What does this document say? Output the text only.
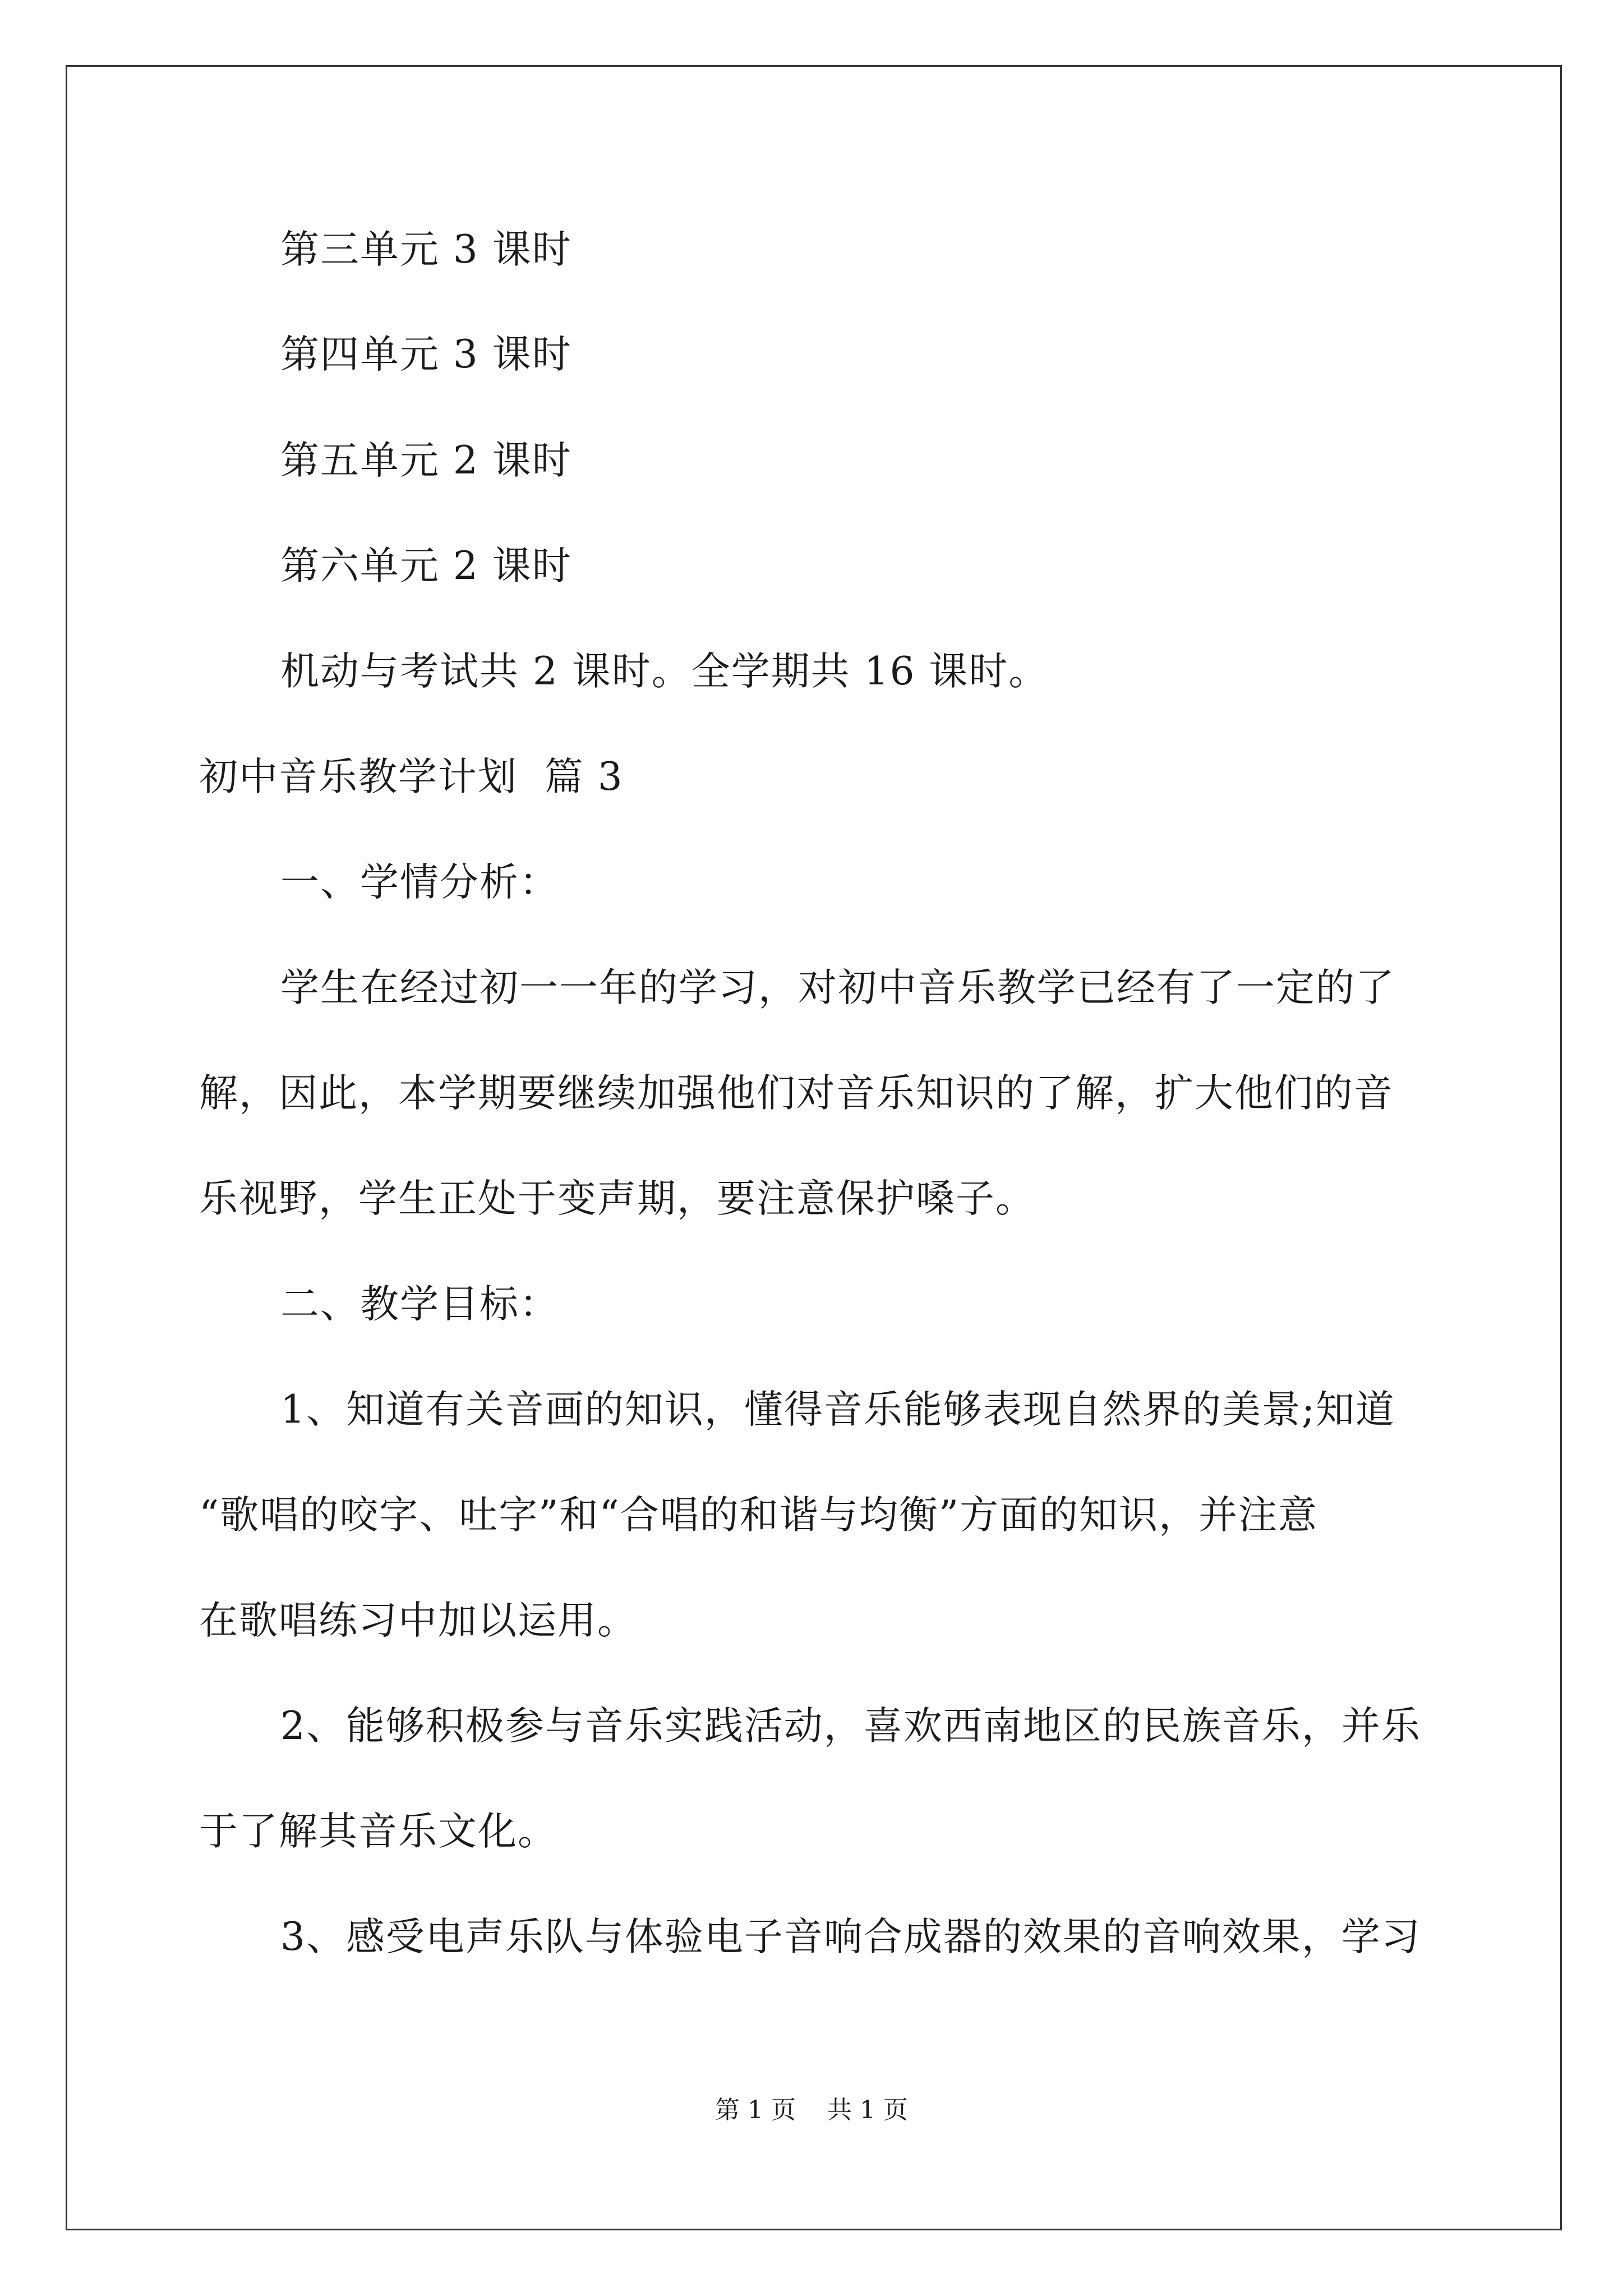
第三单元 3 课时
第四单元 3 课时
第五单元 2 课时
第六单元 2 课时
机动与考试共 2 课时。全学期共 16 课时。
初中音乐教学计划  篇 3
一、学情分析：
学生在经过初一一年的学习，对初中音乐教学已经有了一定的了
解，因此，本学期要继续加强他们对音乐知识的了解，扩大他们的音
乐视野，学生正处于变声期，要注意保护嗓子。
二、教学目标：
1、知道有关音画的知识，懂得音乐能够表现自然界的美景;知道
“歌唱的咬字、吐字”和“合唱的和谐与均衡”方面的知识，并注意
在歌唱练习中加以运用。
2、能够积极参与音乐实践活动，喜欢西南地区的民族音乐，并乐
于了解其音乐文化。
3、感受电声乐队与体验电子音响合成器的效果的音响效果，学习
第 1 页    共 1 页
